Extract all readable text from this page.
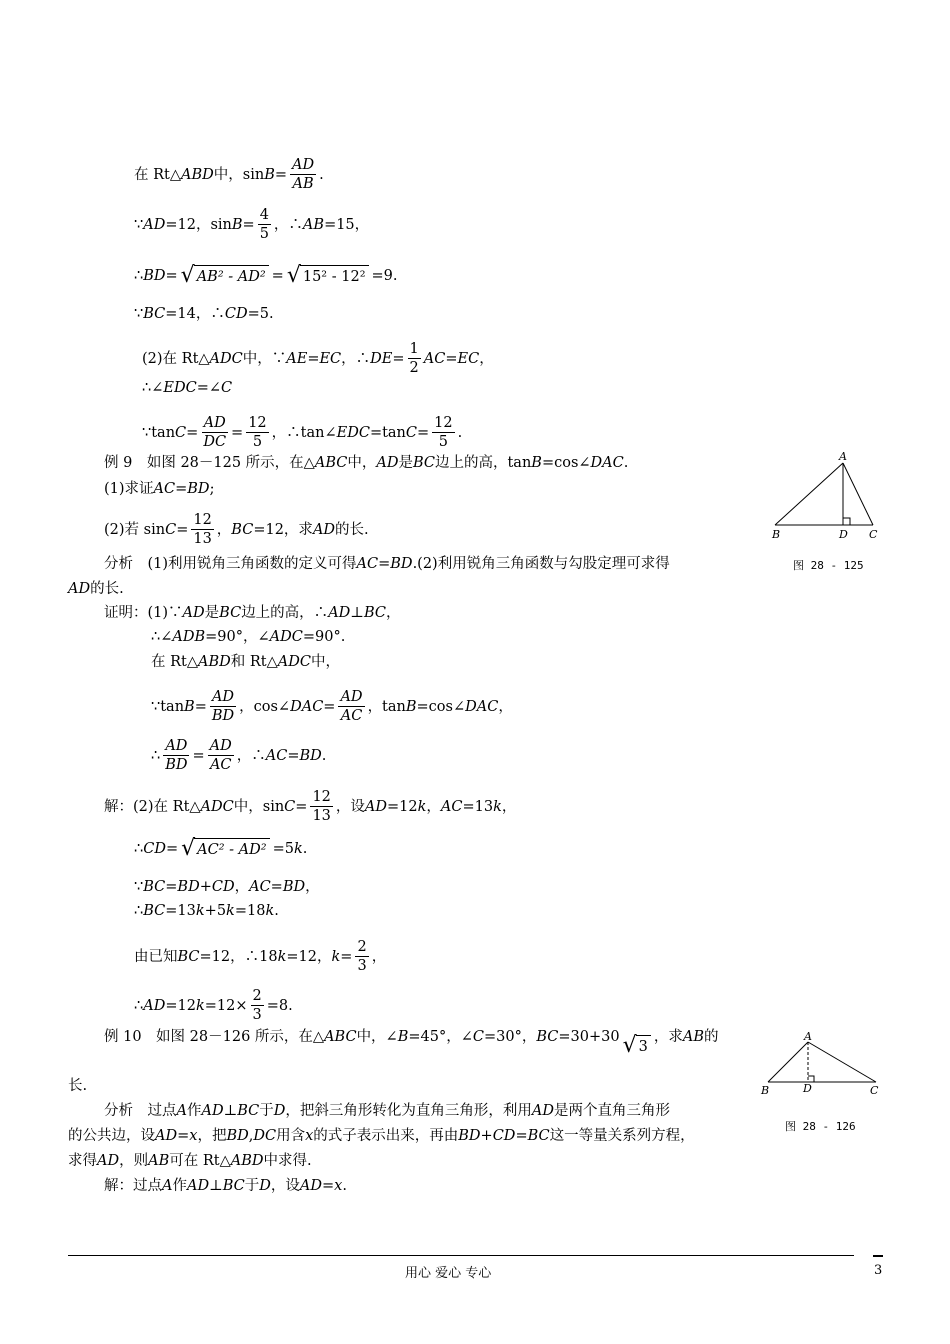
在 Rt△ ABD 中，$\sin B = \frac{AD}{AB}$ .
∵ AD =12，$\sin B = \frac{4}{5}$ ，∴ AB =15，
∴ BD = √ AB² - AD² = √ 15² - 12² =9.
∵ BC =14，∴ CD =5.
(2)在 Rt△ ADC 中，∵ AE = EC ，∴ DE = $\frac{1}{2}$ AC = EC ，
∴∠ EDC =∠ C
∵tan $C = \frac{AD}{DC} = \frac{12}{5}$ ，∴tan∠ EDC =tan $C = \frac{12}{5}$ .
例 9　如图 28－125 所示，在△ ABC 中， AD 是 BC 边上的高，tan B =cos∠ DAC .
(1)求证 AC = BD ;
(2)若 $\sin C = \frac{12}{13}$ ， BC =12，求 AD 的长.
A
B	D C
图 28 - 125
分析　(1)利用锐角三角函数的定义可得 AC = BD .(2)利用锐角三角函数与勾股定理可求得
AD 的长.
证明：(1)∵ AD 是 BC 边上的高，∴ AD ⊥ BC ，
∴∠ ADB =90°，∠ ADC =90°.
在 Rt△ ABD 和 Rt△ ADC 中，
∵tan $B = \frac{AD}{BD}$ ，cos∠ DAC = $\frac{AD}{AC}$ ，tan B =cos∠ DAC ，
∴ $\frac{AD}{BD} = \frac{AD}{AC}$ ，∴ AC = BD .
解：(2)在 Rt△ ADC 中，$\sin C = \frac{12}{13}$ ，设 AD =12 k ， AC =13 k ，
∴ CD = √ AC² - AD² =5 k .
∵ BC = BD + CD ， AC = BD ，
∴ BC =13 k +5 k =18 k .
由已知 BC =12，∴18 k =12， $k = \frac{2}{3}$ ，
∴ AD =12 $k =12\times \frac{2}{3} =8$.
例 10　如图 28－126 所示，在△ ABC 中，∠ B =45°，∠ C =30°， BC =30+30 √ 3
，求 AB 的	A
B	D	C
图 28 - 126
长.
分析　过点 A 作 AD ⊥ BC 于 D ，把斜三角形转化为直角三角形，利用 AD 是两个直角三角形
的公共边，设 AD = x ，把 BD , DC 用含 x 的式子表示出来，再由 BD + CD = BC 这一等量关系列方程，
求得 AD ，则 AB 可在 Rt△ ABD 中求得.
解：过点 A 作 AD ⊥ BC 于 D ，设 AD = x .
用心 爱心 专心	3
